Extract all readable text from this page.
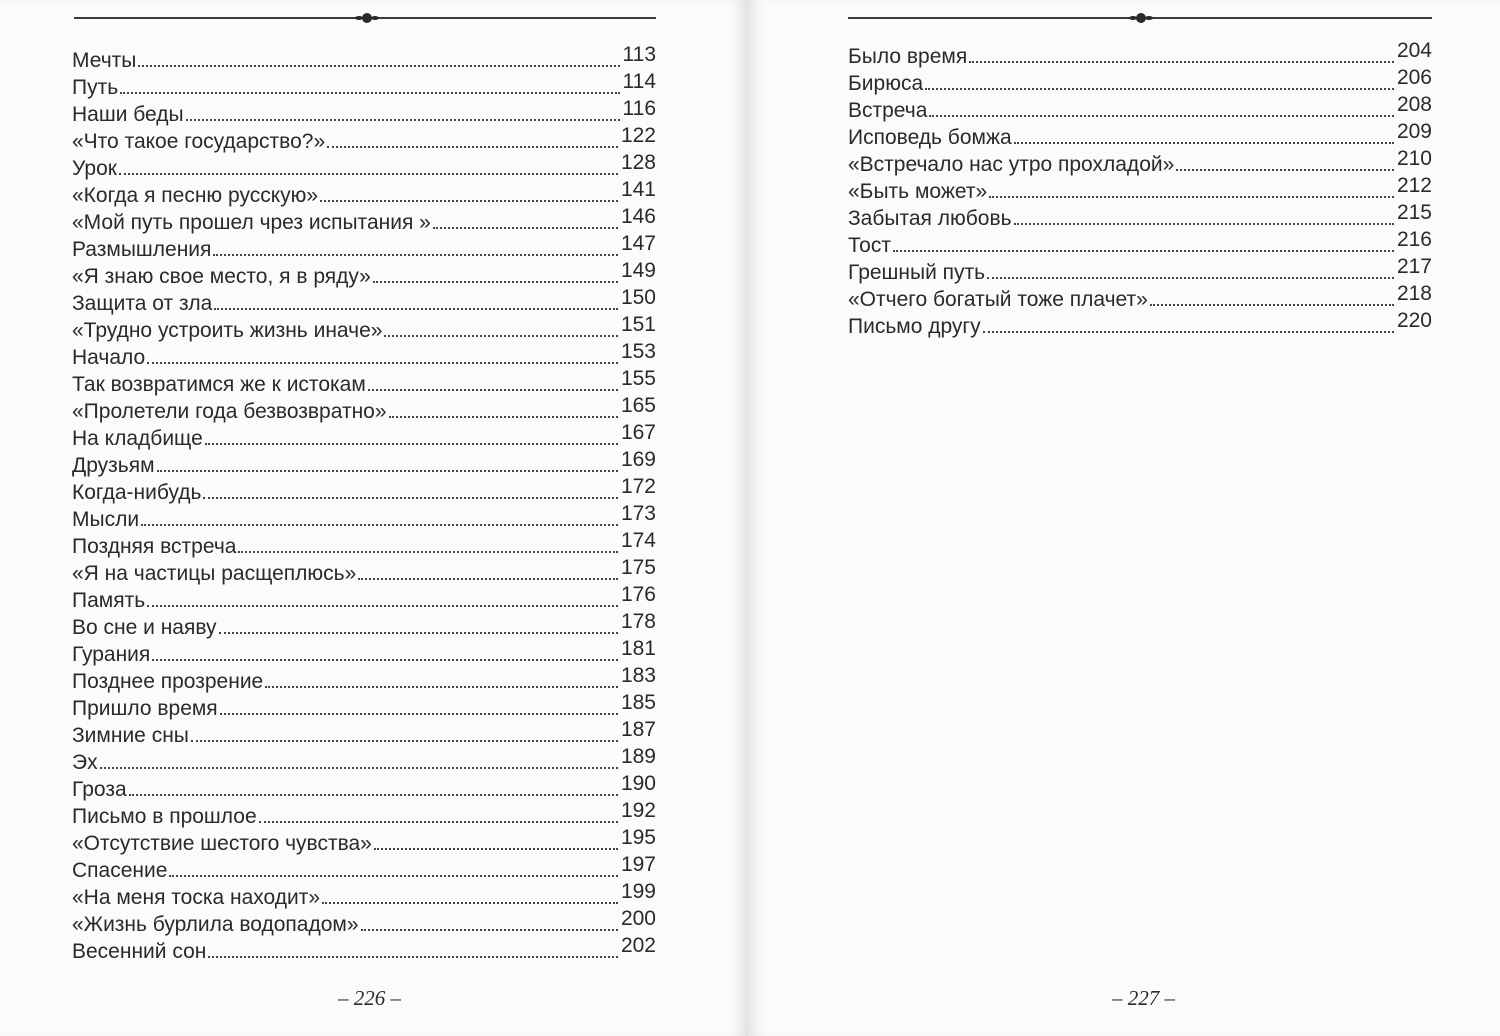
Мечты	113
Путь	114
Наши беды	116
«Что такое государство?»	122
Урок	128
«Когда я песню русскую»	141
«Мой путь прошел чрез испытания »	146
Размышления	147
«Я знаю свое место, я в ряду»	149
Защита от зла	150
«Трудно устроить жизнь иначе»	151
Начало	153
Так возвратимся же к истокам	155
«Пролетели года безвозвратно»	165
На кладбище	167
Друзьям	169
Когда-нибудь	172
Мысли	173
Поздняя встреча	174
«Я на частицы расщеплюсь»	175
Память	176
Во сне и наяву	178
Гурания	181
Позднее прозрение	183
Пришло время	185
Зимние сны	187
Эх	189
Гроза	190
Письмо в прошлое	192
«Отсутствие шестого чувства»	195
Спасение	197
«На меня тоска находит»	199
«Жизнь бурлила водопадом»	200
Весенний сон	202
– 226 –
Было время	204
Бирюса	206
Встреча	208
Исповедь бомжа	209
«Встречало нас утро прохладой»	210
«Быть может»	212
Забытая любовь	215
Тост	216
Грешный путь	217
«Отчего богатый тоже плачет»	218
Письмо другу	220
– 227 –
